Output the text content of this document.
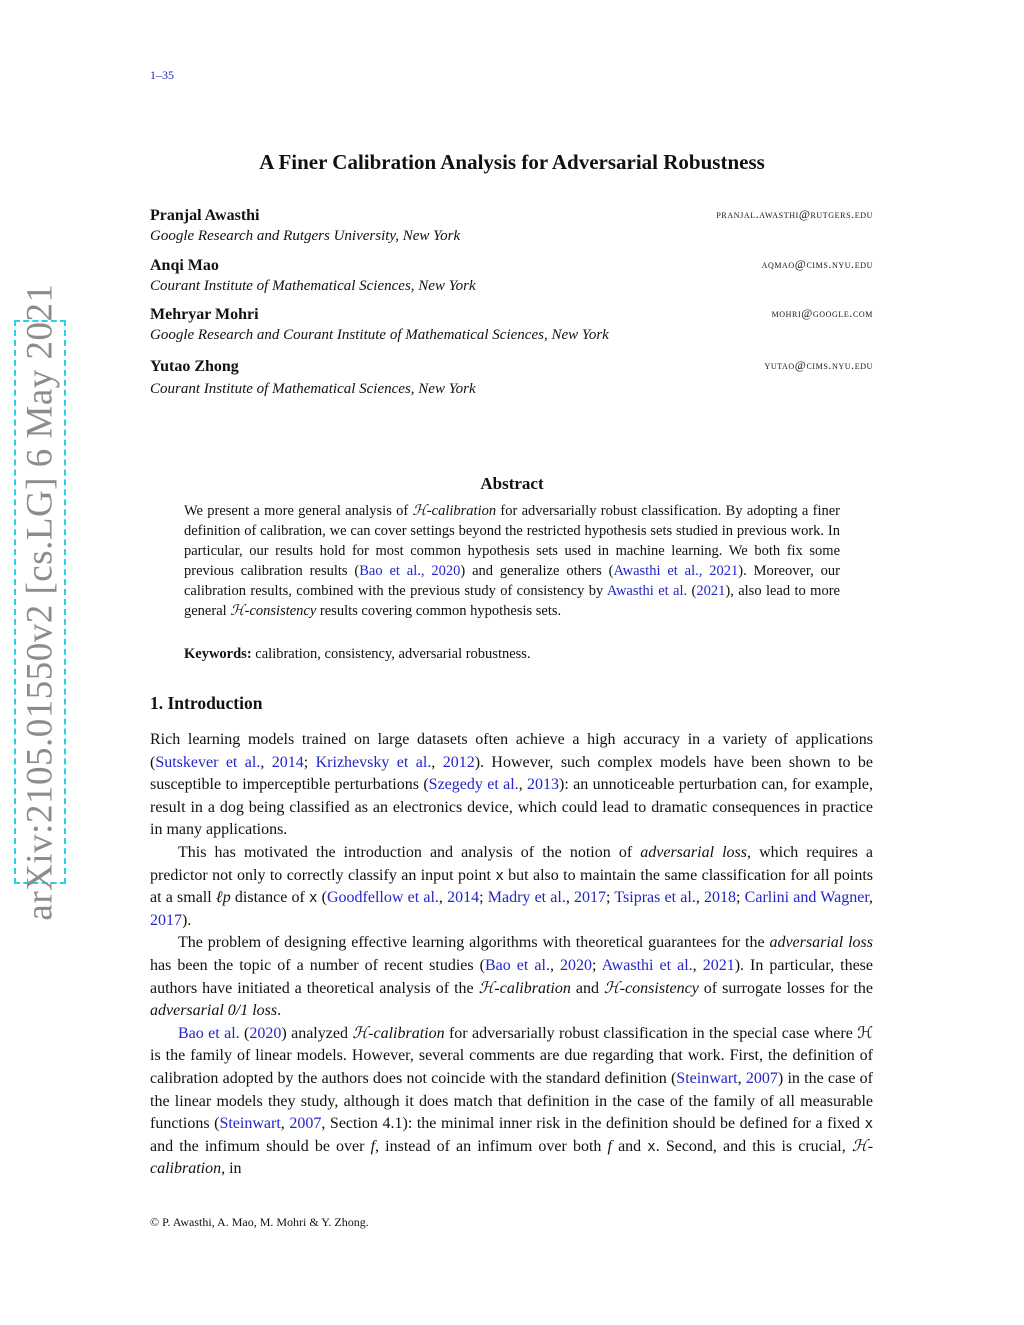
1–35
arXiv:2105.01550v2 [cs.LG] 6 May 2021
A Finer Calibration Analysis for Adversarial Robustness
Pranjal Awasthi	pranjal.awasthi@rutgers.edu
Google Research and Rutgers University, New York
Anqi Mao	aqmao@cims.nyu.edu
Courant Institute of Mathematical Sciences, New York
Mehryar Mohri	mohri@google.com
Google Research and Courant Institute of Mathematical Sciences, New York
Yutao Zhong	yutao@cims.nyu.edu
Courant Institute of Mathematical Sciences, New York
Abstract

We present a more general analysis of ℋ-calibration for adversarially robust classification. By adopting a finer definition of calibration, we can cover settings beyond the restricted hypothesis sets studied in previous work. In particular, our results hold for most common hypothesis sets used in machine learning. We both fix some previous calibration results (Bao et al., 2020) and generalize others (Awasthi et al., 2021). Moreover, our calibration results, combined with the previous study of consistency by Awasthi et al. (2021), also lead to more general ℋ-consistency results covering common hypothesis sets.

Keywords: calibration, consistency, adversarial robustness.
1. Introduction

Rich learning models trained on large datasets often achieve a high accuracy in a variety of applications (Sutskever et al., 2014; Krizhevsky et al., 2012). However, such complex models have been shown to be susceptible to imperceptible perturbations (Szegedy et al., 2013): an unnoticeable perturbation can, for example, result in a dog being classified as an electronics device, which could lead to dramatic consequences in practice in many applications.

This has motivated the introduction and analysis of the notion of adversarial loss, which requires a predictor not only to correctly classify an input point x but also to maintain the same classification for all points at a small ℓp distance of x (Goodfellow et al., 2014; Madry et al., 2017; Tsipras et al., 2018; Carlini and Wagner, 2017).

The problem of designing effective learning algorithms with theoretical guarantees for the adversarial loss has been the topic of a number of recent studies (Bao et al., 2020; Awasthi et al., 2021). In particular, these authors have initiated a theoretical analysis of the ℋ-calibration and ℋ-consistency of surrogate losses for the adversarial 0/1 loss.

Bao et al. (2020) analyzed ℋ-calibration for adversarially robust classification in the special case where ℋ is the family of linear models. However, several comments are due regarding that work. First, the definition of calibration adopted by the authors does not coincide with the standard definition (Steinwart, 2007) in the case of the linear models they study, although it does match that definition in the case of the family of all measurable functions (Steinwart, 2007, Section 4.1): the minimal inner risk in the definition should be defined for a fixed x and the infimum should be over f, instead of an infimum over both f and x. Second, and this is crucial, ℋ-calibration, in

© P. Awasthi, A. Mao, M. Mohri & Y. Zhong.
